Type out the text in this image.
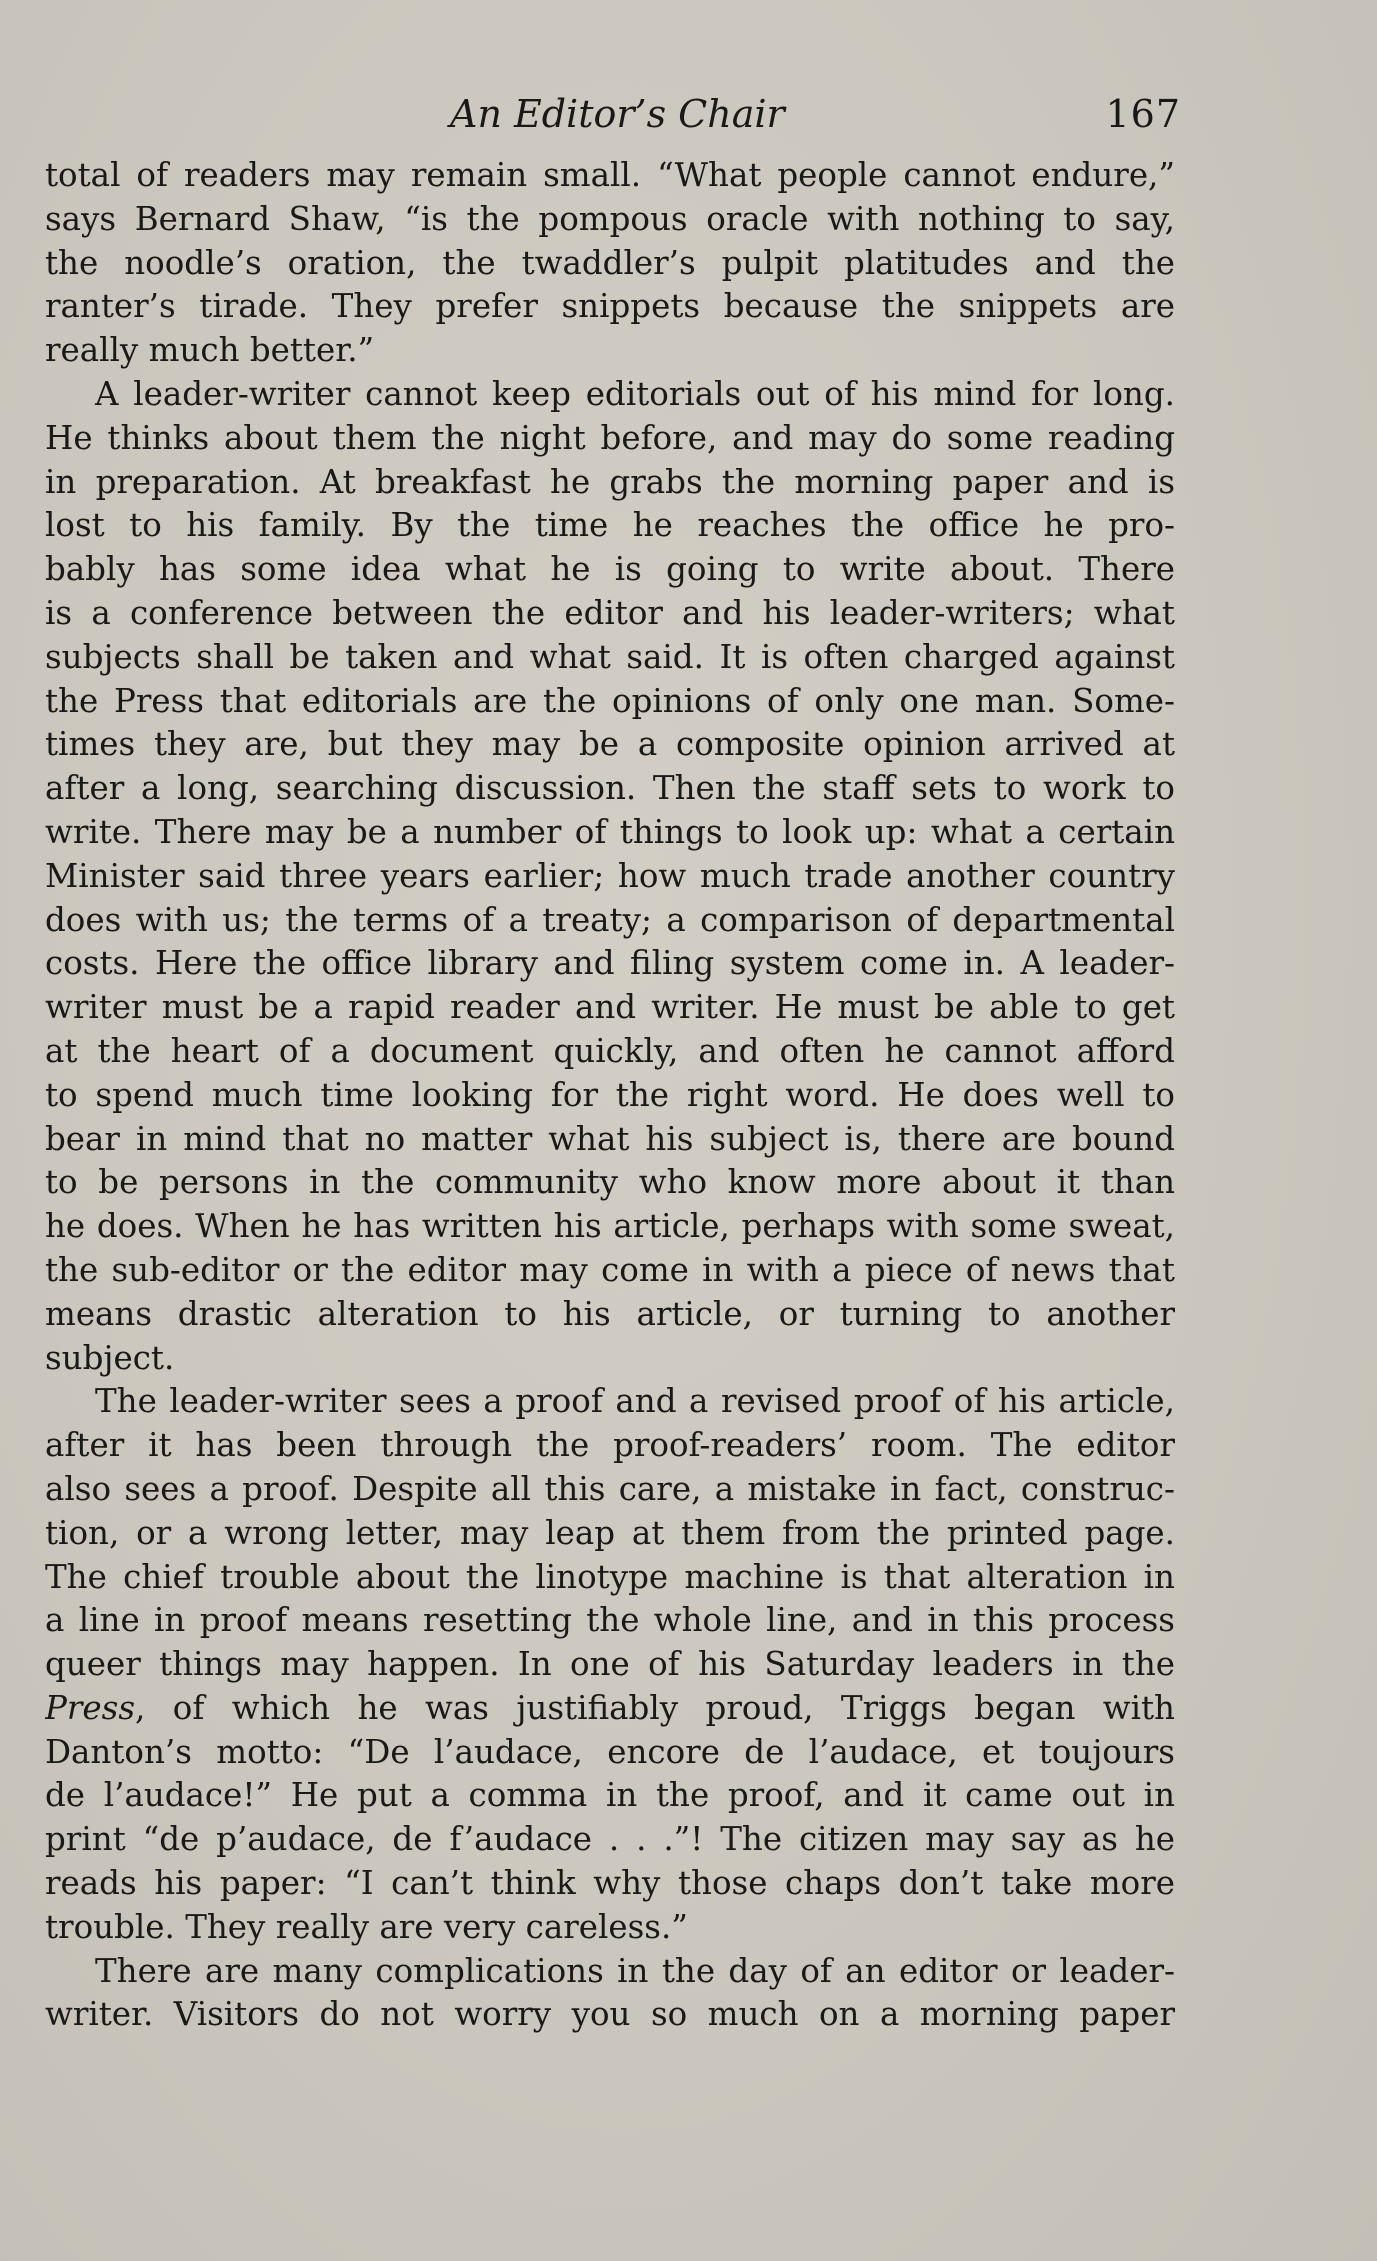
An Editor’s Chair	167
total of readers may remain small. “What people cannot endure,”
says Bernard Shaw, “is the pompous oracle with nothing to say,
the noodle’s oration, the twaddler’s pulpit platitudes and the
ranter’s tirade. They prefer snippets because the snippets are
really much better.”
A leader-writer cannot keep editorials out of his mind for long.
He thinks about them the night before, and may do some reading
in preparation. At breakfast he grabs the morning paper and is
lost to his family. By the time he reaches the office he pro-
bably has some idea what he is going to write about. There
is a conference between the editor and his leader-writers; what
subjects shall be taken and what said. It is often charged against
the Press that editorials are the opinions of only one man. Some-
times they are, but they may be a composite opinion arrived at
after a long, searching discussion. Then the staff sets to work to
write. There may be a number of things to look up: what a certain
Minister said three years earlier; how much trade another country
does with us; the terms of a treaty; a comparison of departmental
costs. Here the office library and filing system come in. A leader-
writer must be a rapid reader and writer. He must be able to get
at the heart of a document quickly, and often he cannot afford
to spend much time looking for the right word. He does well to
bear in mind that no matter what his subject is, there are bound
to be persons in the community who know more about it than
he does. When he has written his article, perhaps with some sweat,
the sub-editor or the editor may come in with a piece of news that
means drastic alteration to his article, or turning to another
subject.
The leader-writer sees a proof and a revised proof of his article,
after it has been through the proof-readers’ room. The editor
also sees a proof. Despite all this care, a mistake in fact, construc-
tion, or a wrong letter, may leap at them from the printed page.
The chief trouble about the linotype machine is that alteration in
a line in proof means resetting the whole line, and in this process
queer things may happen. In one of his Saturday leaders in the
Press, of which he was justifiably proud, Triggs began with
Danton’s motto: “De l’audace, encore de l’audace, et toujours
de l’audace!” He put a comma in the proof, and it came out in
print “de p’audace, de f’audace . . .”! The citizen may say as he
reads his paper: “I can’t think why those chaps don’t take more
trouble. They really are very careless.”
There are many complications in the day of an editor or leader-
writer. Visitors do not worry you so much on a morning paper
